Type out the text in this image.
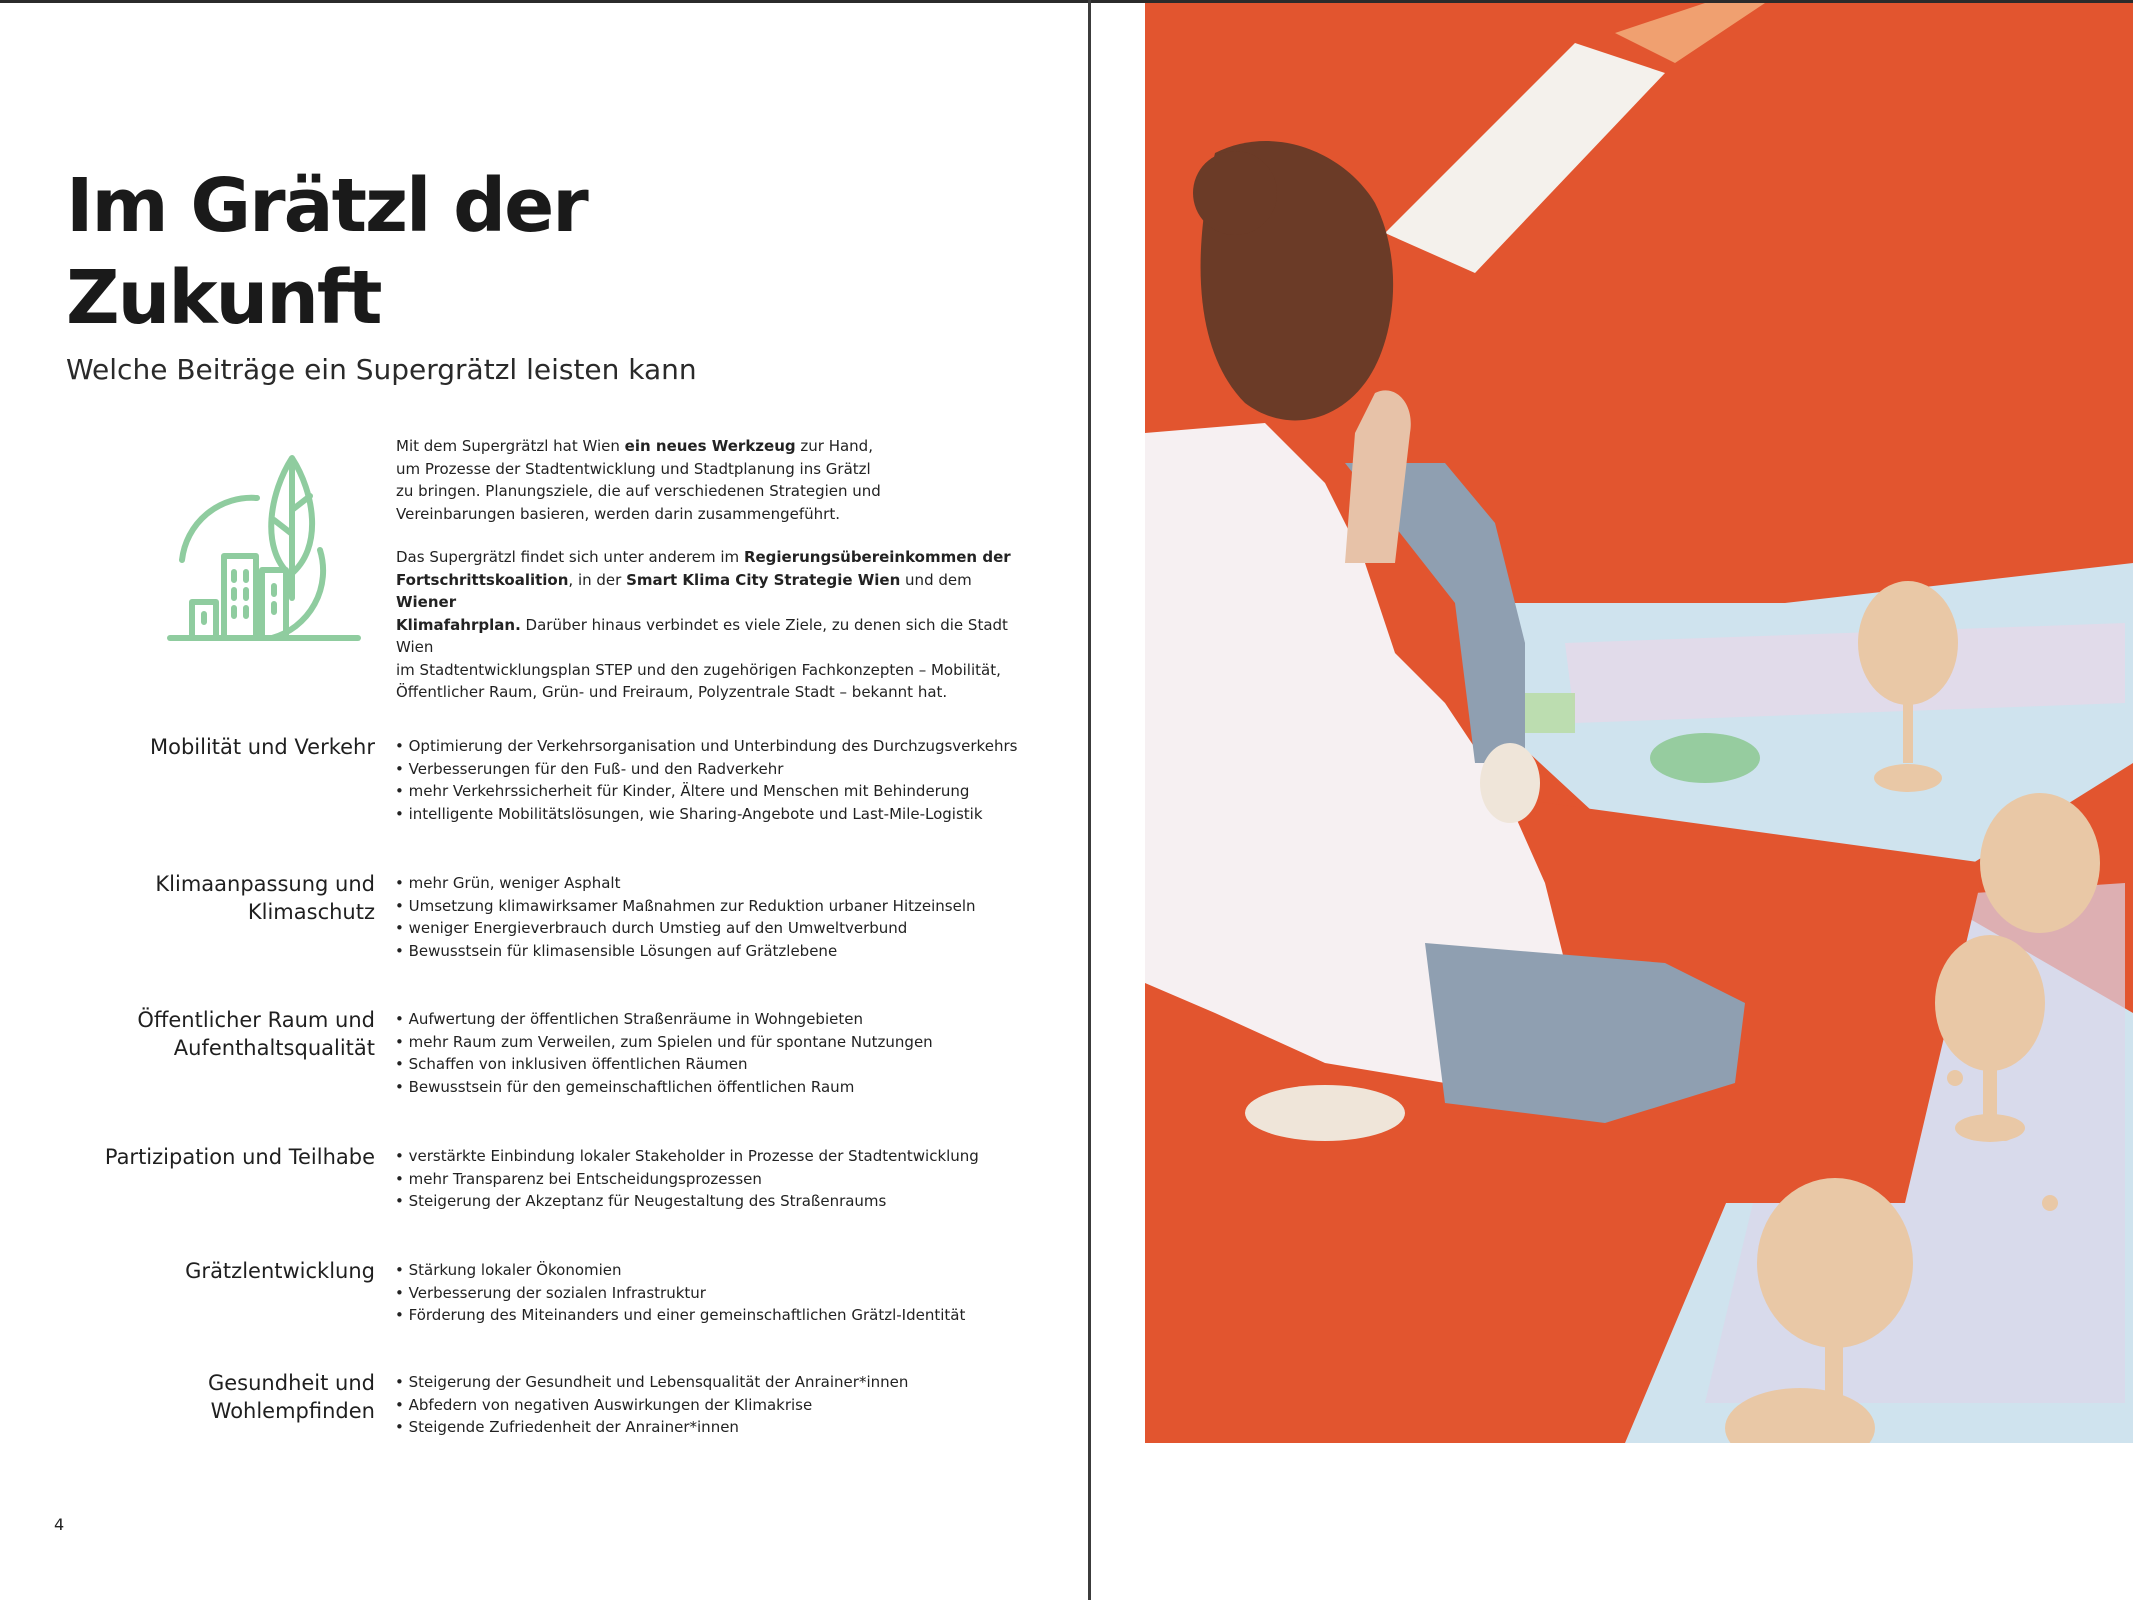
Im Grätzl der
Zukunft
Welche Beiträge ein Supergrätzl leisten kann

Mit dem Supergrätzl hat Wien ein neues Werkzeug zur Hand,
um Prozesse der Stadtentwicklung und Stadtplanung ins Grätzl
zu bringen. Planungsziele, die auf verschiedenen Strategien und
Vereinbarungen basieren, werden darin zusammengeführt.

Das Supergrätzl findet sich unter anderem im Regierungsübereinkommen der
Fortschrittskoalition, in der Smart Klima City Strategie Wien und dem Wiener
Klimafahrplan. Darüber hinaus verbindet es viele Ziele, zu denen sich die Stadt Wien
im Stadtentwicklungsplan STEP und den zugehörigen Fachkonzepten – Mobilität,
Öffentlicher Raum, Grün- und Freiraum, Polyzentrale Stadt – bekannt hat.

Mobilität und Verkehr	• Optimierung der Verkehrsorganisation und Unterbindung des Durchzugsverkehrs
• Verbesserungen für den Fuß- und den Radverkehr
• mehr Verkehrssicherheit für Kinder, Ältere und Menschen mit Behinderung
• intelligente Mobilitätslösungen, wie Sharing-Angebote und Last-Mile-Logistik
Klimaanpassung und
Klimaschutz
• mehr Grün, weniger Asphalt
• Umsetzung klimawirksamer Maßnahmen zur Reduktion urbaner Hitzeinseln
• weniger Energieverbrauch durch Umstieg auf den Umweltverbund
• Bewusstsein für klimasensible Lösungen auf Grätzlebene
Öffentlicher Raum und
Aufenthaltsqualität
• Aufwertung der öffentlichen Straßenräume in Wohngebieten
• mehr Raum zum Verweilen, zum Spielen und für spontane Nutzungen
• Schaffen von inklusiven öffentlichen Räumen
• Bewusstsein für den gemeinschaftlichen öffentlichen Raum
Partizipation und Teilhabe	• verstärkte Einbindung lokaler Stakeholder in Prozesse der Stadtentwicklung
• mehr Transparenz bei Entscheidungsprozessen
• Steigerung der Akzeptanz für Neugestaltung des Straßenraums
Grätzlentwicklung	• Stärkung lokaler Ökonomien
• Verbesserung der sozialen Infrastruktur
• Förderung des Miteinanders und einer gemeinschaftlichen Grätzl-Identität
Gesundheit und
Wohlempfinden
• Steigerung der Gesundheit und Lebensqualität der Anrainer*innen
• Abfedern von negativen Auswirkungen der Klimakrise
• Steigende Zufriedenheit der Anrainer*innen
4
